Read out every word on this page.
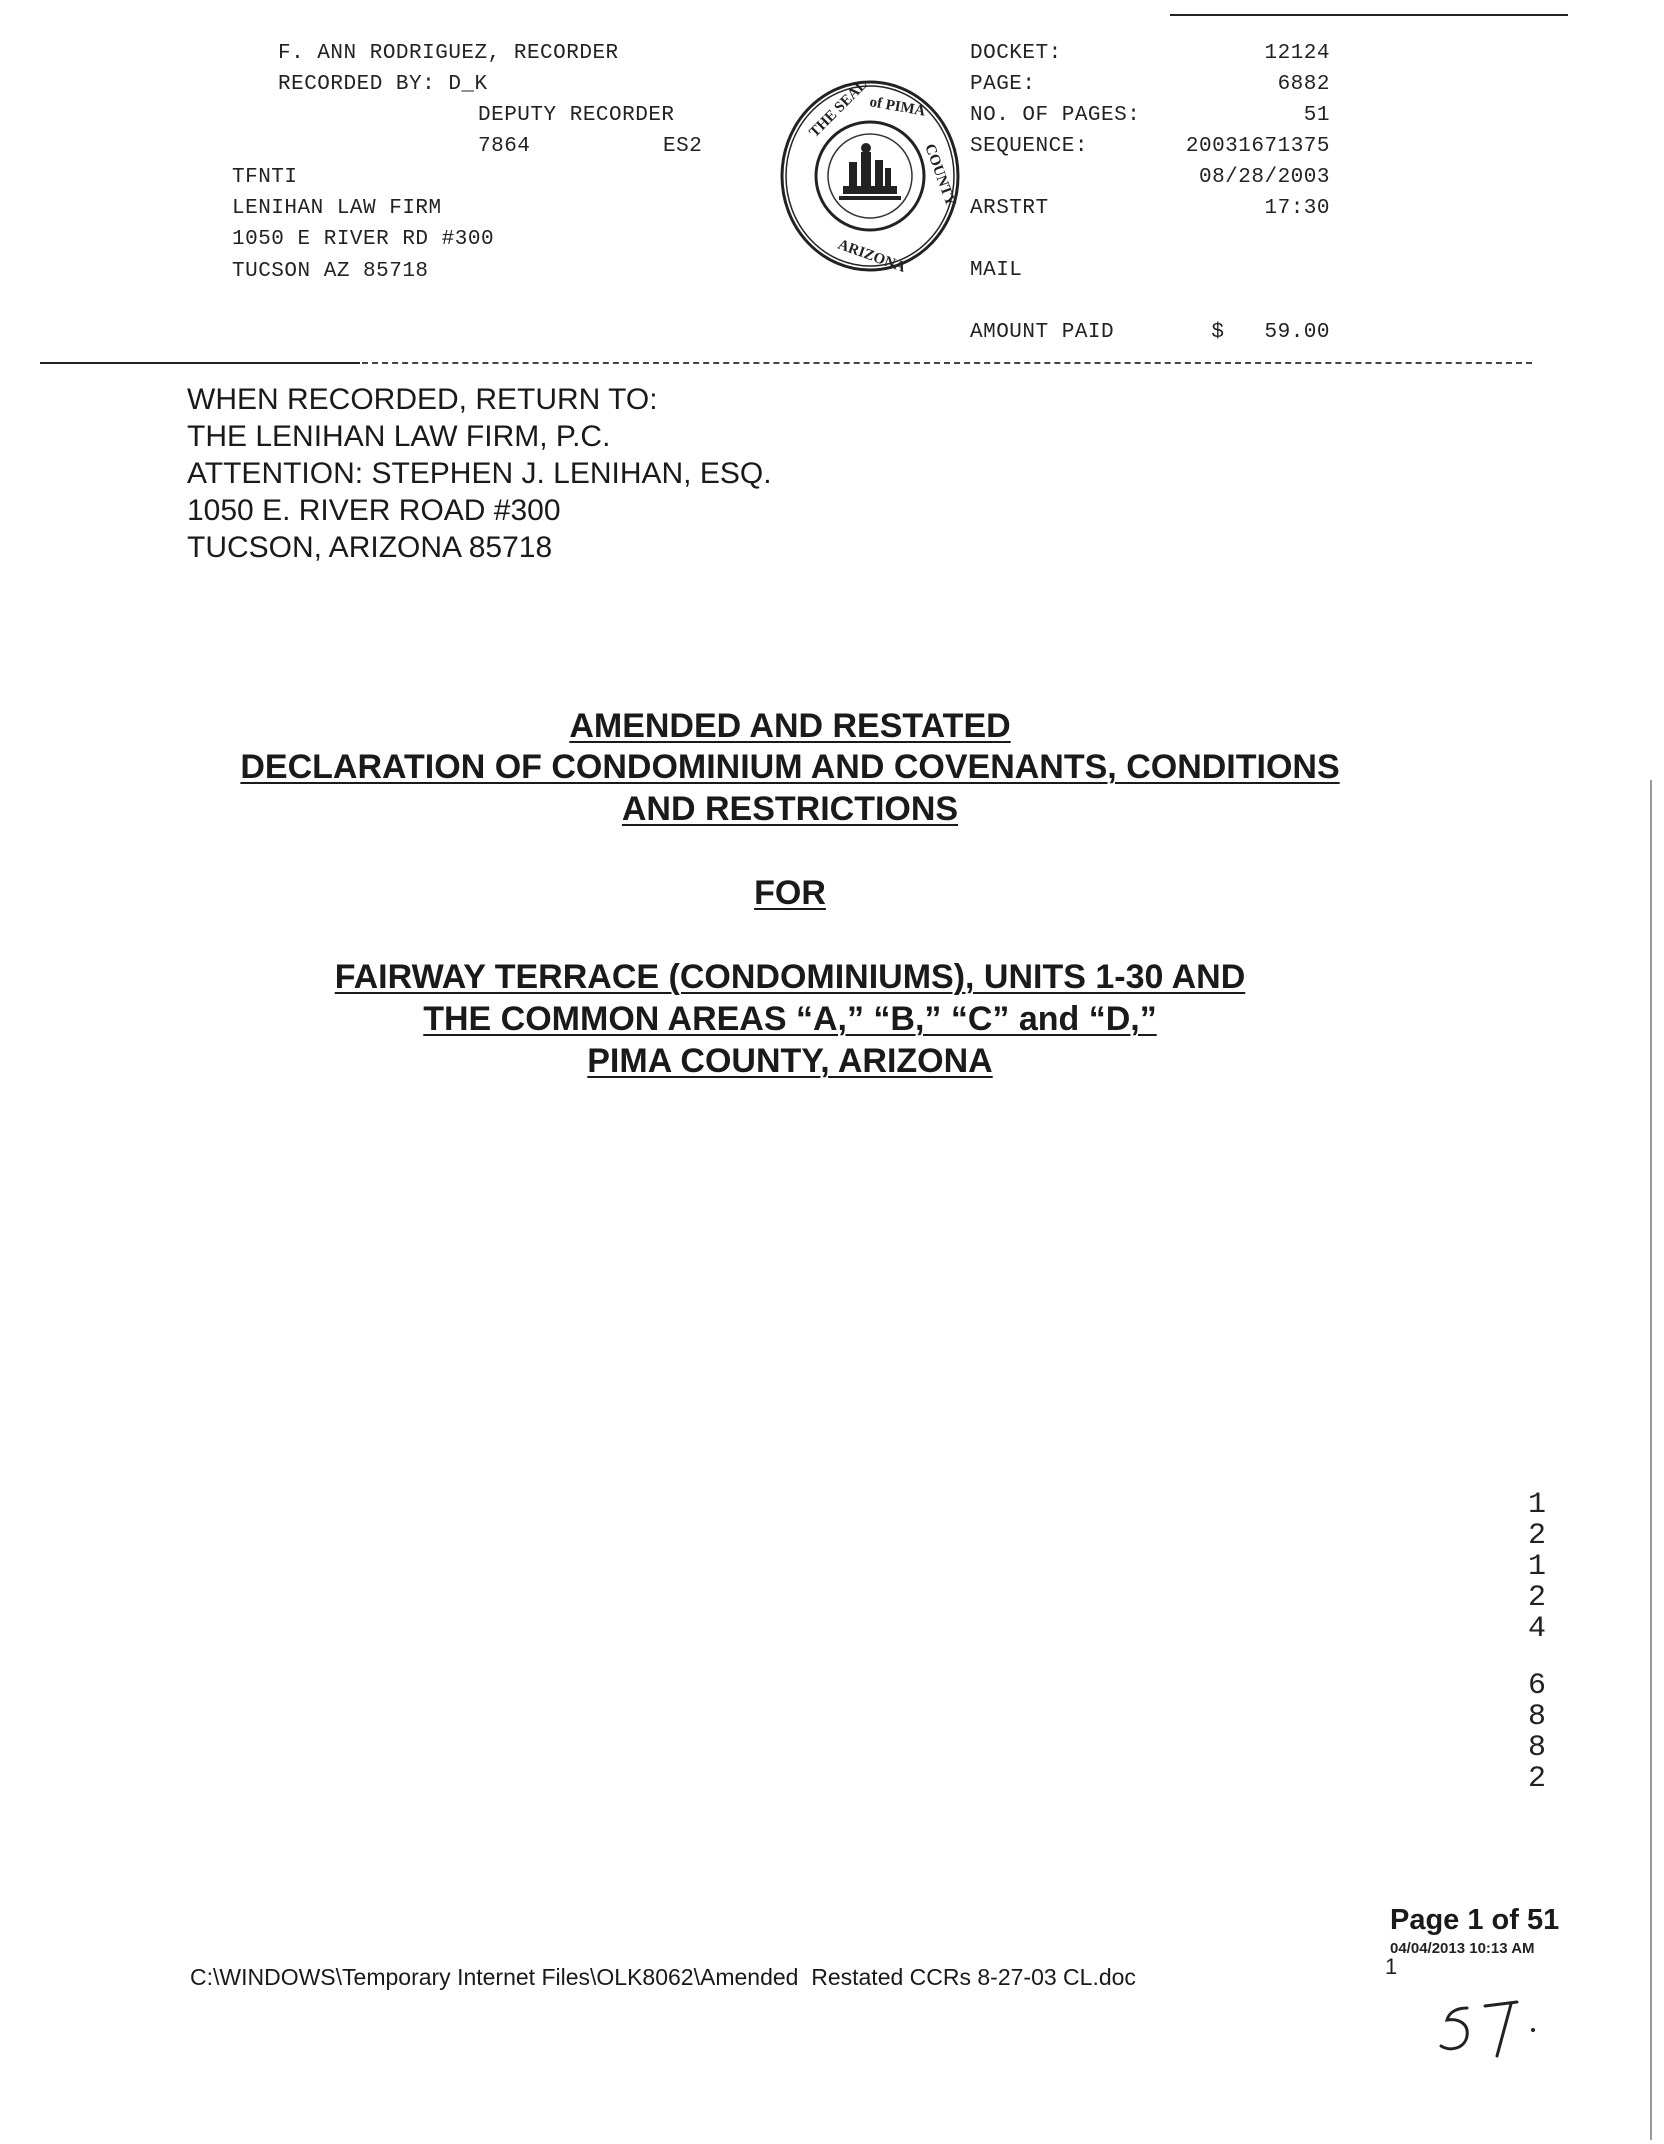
F. ANN RODRIGUEZ, RECORDER
RECORDED BY: D_K
DEPUTY RECORDER
7864	ES2
TFNTI
LENIHAN LAW FIRM
1050 E RIVER RD #300
TUCSON AZ 85718

THE SEAL
of PIMA
COUNTY
ARIZONA

DOCKET:	12124
PAGE:	6882
NO. OF PAGES:	51
SEQUENCE:	20031671375
08/28/2003
ARSTRT	17:30
MAIL
AMOUNT PAID	$ 59.00
WHEN RECORDED, RETURN TO:
THE LENIHAN LAW FIRM, P.C.
ATTENTION: STEPHEN J. LENIHAN, ESQ.
1050 E. RIVER ROAD #300
TUCSON, ARIZONA 85718
AMENDED AND RESTATED
DECLARATION OF CONDOMINIUM AND COVENANTS, CONDITIONS
AND RESTRICTIONS
FOR
FAIRWAY TERRACE (CONDOMINIUMS), UNITS 1-30 AND
THE COMMON AREAS “A,” “B,” “C” and “D,”
PIMA COUNTY, ARIZONA
1
2
1
2
4
6
8
8
2
Page 1 of 51
04/04/2013 10:13 AM
C:\WINDOWS\Temporary Internet Files\OLK8062\Amended  Restated CCRs 8-27-03 CL.doc	1
